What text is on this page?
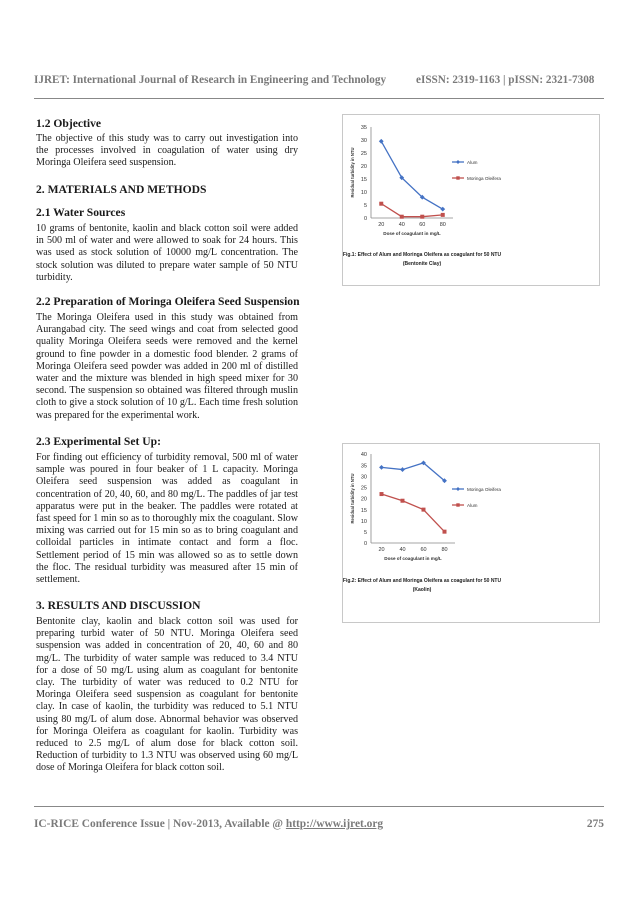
IJRET: International Journal of Research in Engineering and Technology	eISSN: 2319-1163 | pISSN: 2321-7308
1.2 Objective
The objective of this study was to carry out investigation into the processes involved in coagulation of water using dry Moringa Oleifera seed suspension.
2. MATERIALS AND METHODS
2.1 Water Sources
10 grams of bentonite, kaolin and black cotton soil were added in 500 ml of water and were allowed to soak for 24 hours. This was used as stock solution of 10000 mg/L concentration. The stock solution was diluted to prepare water sample of 50 NTU turbidity.
2.2 Preparation of Moringa Oleifera Seed Suspension
The Moringa Oleifera used in this study was obtained from Aurangabad city. The seed wings and coat from selected good quality Moringa Oleifera seeds were removed and the kernel ground to fine powder in a domestic food blender. 2 grams of Moringa Oleifera seed powder was added in 200 ml of distilled water and the mixture was blended in high speed mixer for 30 second. The suspension so obtained was filtered through muslin cloth to give a stock solution of 10 g/L. Each time fresh solution was prepared for the experimental work.
2.3 Experimental Set Up:
For finding out efficiency of turbidity removal, 500 ml of water sample was poured in four beaker of 1 L capacity. Moringa Oleifera seed suspension was added as coagulant in concentration of 20, 40, 60, and 80 mg/L. The paddles of jar test apparatus were put in the beaker. The paddles were rotated at fast speed for 1 min so as to thoroughly mix the coagulant. Slow mixing was carried out for 15 min so as to bring coagulant and colloidal particles in intimate contact and form a floc. Settlement period of 15 min was allowed so as to settle down the floc. The residual turbidity was measured after 15 min of settlement.
3. RESULTS AND DISCUSSION
Bentonite clay, kaolin and black cotton soil was used for preparing turbid water of 50 NTU. Moringa Oleifera seed suspension was added in concentration of 20, 40, 60 and 80 mg/L. The turbidity of water sample was reduced to 3.4 NTU for a dose of 50 mg/L using alum as coagulant for bentonite clay. The turbidity of water was reduced to 0.2 NTU for Moringa Oleifera seed suspension as coagulant for bentonite clay. In case of kaolin, the turbidity was reduced to 5.1 NTU using 80 mg/L of alum dose. Abnormal behavior was observed for Moringa Oleifera as coagulant for kaolin. Turbidity was reduced to 2.5 mg/L of alum dose for black cotton soil. Reduction of turbidity to 1.3 NTU was observed using 60 mg/L dose of Moringa Oleifera for black cotton soil.
0
5
10
15
20
25
30
35
20	40	60	80
Dose of coagulant in mg/L
Residual turbidity in NTU	Alum
Moringa Oleifera
Fig.1: Effect of Alum and Moringa Oleifera as coagulant for 50 NTU
(Bentonite Clay)
0
5
10
15
20
25
30
35
40
20	40	60	80
Dose of coagulant in mg/L
Residual turbidity in NTU	Moringa Oleifera
Alum
Fig.2: Effect of Alum and Moringa Oleifera as coagulant for 50 NTU
(Kaolin)
IC-RICE Conference Issue | Nov-2013, Available @ http://www.ijret.org	275
